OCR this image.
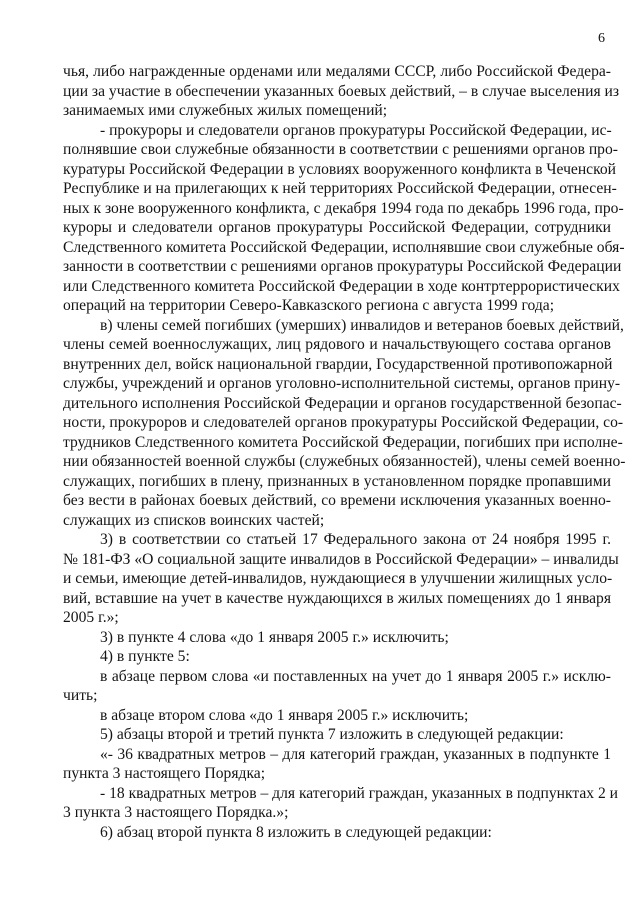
6

чья, либо награжденные орденами или медалями СССР, либо Российской Федера-
ции за участие в обеспечении указанных боевых действий, – в случае выселения из
занимаемых ими служебных жилых помещений;

- прокуроры и следователи органов прокуратуры Российской Федерации, ис-
полнявшие свои служебные обязанности в соответствии с решениями органов про-
куратуры Российской Федерации в условиях вооруженного конфликта в Чеченской
Республике и на прилегающих к ней территориях Российской Федерации, отнесен-
ных к зоне вооруженного конфликта, с декабря 1994 года по декабрь 1996 года, про-
куроры и следователи органов прокуратуры Российской Федерации, сотрудники
Следственного комитета Российской Федерации, исполнявшие свои служебные обя-
занности в соответствии с решениями органов прокуратуры Российской Федерации
или Следственного комитета Российской Федерации в ходе контртеррористических
операций на территории Северо-Кавказского региона с августа 1999 года;

в) члены семей погибших (умерших) инвалидов и ветеранов боевых действий,
члены семей военнослужащих, лиц рядового и начальствующего состава органов
внутренних дел, войск национальной гвардии, Государственной противопожарной
службы, учреждений и органов уголовно-исполнительной системы, органов прину-
дительного исполнения Российской Федерации и органов государственной безопас-
ности, прокуроров и следователей органов прокуратуры Российской Федерации, со-
трудников Следственного комитета Российской Федерации, погибших при исполне-
нии обязанностей военной службы (служебных обязанностей), члены семей военно-
служащих, погибших в плену, признанных в установленном порядке пропавшими
без вести в районах боевых действий, со времени исключения указанных военно-
служащих из списков воинских частей;

3) в соответствии со статьей 17 Федерального закона от 24 ноября 1995 г.
№ 181-ФЗ «О социальной защите инвалидов в Российской Федерации» – инвалиды
и семьи, имеющие детей-инвалидов, нуждающиеся в улучшении жилищных усло-
вий, вставшие на учет в качестве нуждающихся в жилых помещениях до 1 января
2005 г.»;

3) в пункте 4 слова «до 1 января 2005 г.» исключить;

4) в пункте 5:

в абзаце первом слова «и поставленных на учет до 1 января 2005 г.» исклю-
чить;

в абзаце втором слова «до 1 января 2005 г.» исключить;

5) абзацы второй и третий пункта 7 изложить в следующей редакции:

«- 36 квадратных метров – для категорий граждан, указанных в подпункте 1
пункта 3 настоящего Порядка;

- 18 квадратных метров – для категорий граждан, указанных в подпунктах 2 и
3 пункта 3 настоящего Порядка.»;

6) абзац второй пункта 8 изложить в следующей редакции:
